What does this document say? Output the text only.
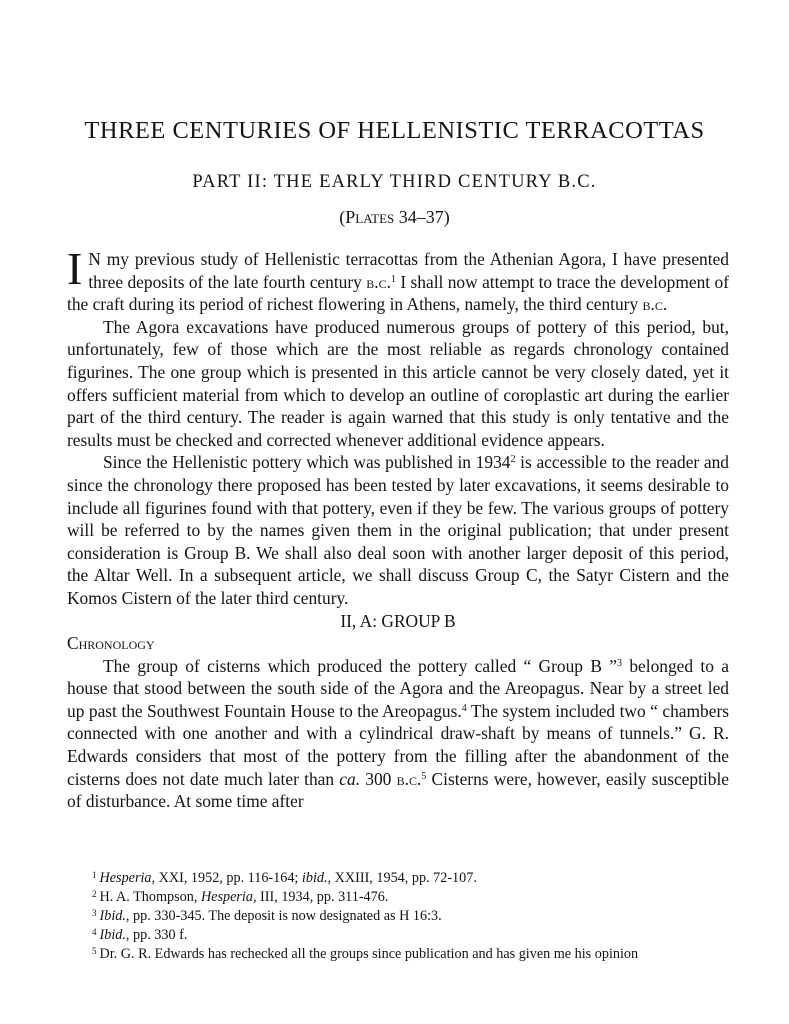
THREE CENTURIES OF HELLENISTIC TERRACOTTAS
PART II: THE EARLY THIRD CENTURY B.C.
(Plates 34–37)

I N my previous study of Hellenistic terracottas from the Athenian Agora, I have presented three deposits of the late fourth century b.c.$^1$ I shall now attempt to trace the development of the craft during its period of richest flowering in Athens, namely, the third century b.c.

The Agora excavations have produced numerous groups of pottery of this period, but, unfortunately, few of those which are the most reliable as regards chronology contained figurines. The one group which is presented in this article cannot be very closely dated, yet it offers sufficient material from which to develop an outline of coroplastic art during the earlier part of the third century. The reader is again warned that this study is only tentative and the results must be checked and corrected whenever additional evidence appears.

Since the Hellenistic pottery which was published in 1934$^2$ is accessible to the reader and since the chronology there proposed has been tested by later excavations, it seems desirable to include all figurines found with that pottery, even if they be few. The various groups of pottery will be referred to by the names given them in the original publication; that under present consideration is Group B. We shall also deal soon with another larger deposit of this period, the Altar Well. In a subsequent article, we shall discuss Group C, the Satyr Cistern and the Komos Cistern of the later third century.

II, A: GROUP B

Chronology

The group of cisterns which produced the pottery called “ Group B ”$^3$ belonged to a house that stood between the south side of the Agora and the Areopagus. Near by a street led up past the Southwest Fountain House to the Areopagus.$^4$ The system included two “ chambers connected with one another and with a cylindrical draw-shaft by means of tunnels.” G. R. Edwards considers that most of the pottery from the filling after the abandonment of the cisterns does not date much later than ca. 300 b.c.$^5$ Cisterns were, however, easily susceptible of disturbance. At some time after

$^1$ Hesperia, XXI, 1952, pp. 116-164; ibid., XXIII, 1954, pp. 72-107.
$^2$ H. A. Thompson, Hesperia, III, 1934, pp. 311-476.
$^3$ Ibid., pp. 330-345. The deposit is now designated as H 16:3.
$^4$ Ibid., pp. 330 f.
$^5$ Dr. G. R. Edwards has rechecked all the groups since publication and has given me his opinion
